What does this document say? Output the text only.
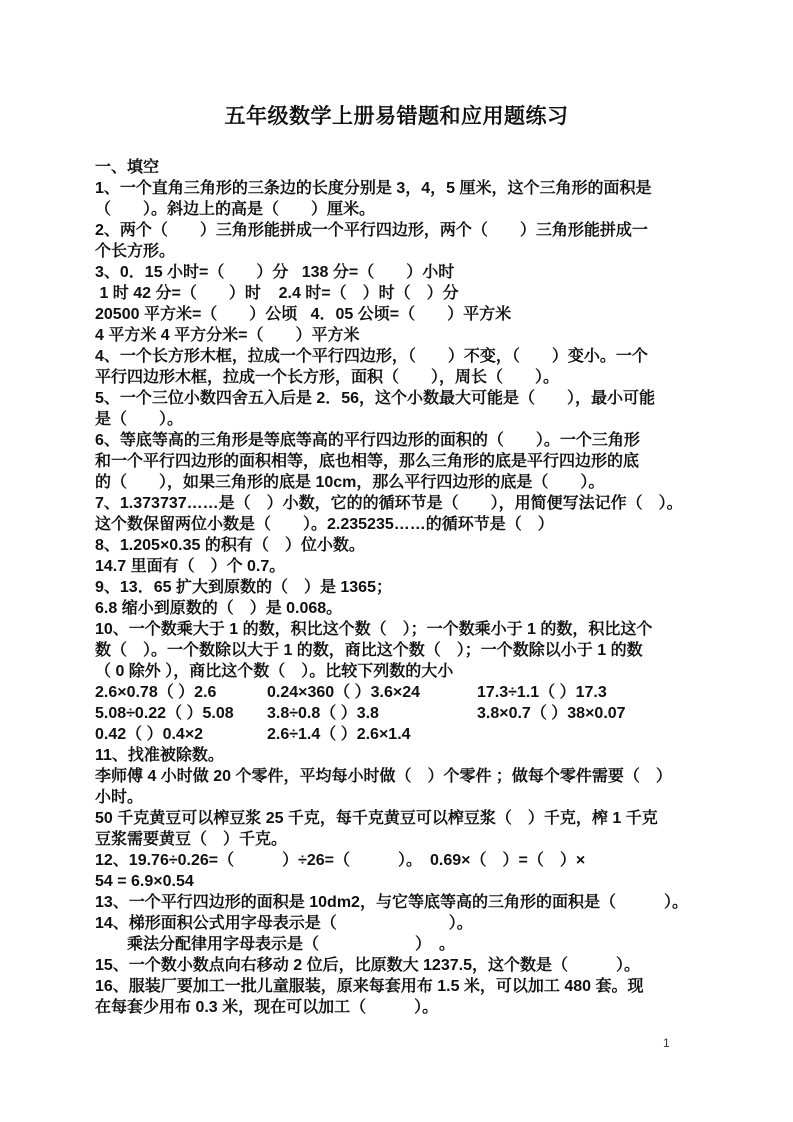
五年级数学上册易错题和应用题练习
一、填空
1、一个直角三角形的三条边的长度分别是 3，4，5 厘米，这个三角形的面积是
（　　）。斜边上的高是（　　）厘米。
2、两个（　　）三角形能拼成一个平行四边形，两个（　　）三角形能拼成一
个长方形。
3、0．15 小时=（　　）分   138 分=（　　）小时
1 时 42 分=（　　）时    2.4 时=（　）时（　）分
20500 平方米=（　　）公顷   4．05 公顷=（　　）平方米
4 平方米 4 平方分米=（　　）平方米
4、一个长方形木框，拉成一个平行四边形，（　　）不变，（　　）变小。一个
平行四边形木框，拉成一个长方形，面积（　　），周长（　　）。
5、一个三位小数四舍五入后是 2．56，这个小数最大可能是（　　），最小可能
是（　　）。
6、等底等高的三角形是等底等高的平行四边形的面积的（　　）。一个三角形
和一个平行四边形的面积相等，底也相等，那么三角形的底是平行四边形的底
的（　　），如果三角形的底是 10cm，那么平行四边形的底是（　　）。
7、1.373737……是（　）小数，它的的循环节是（　　），用简便写法记作（　）。
这个数保留两位小数是（　　）。2.235235……的循环节是（　）
8、1.205×0.35 的积有（　）位小数。
14.7 里面有（　）个 0.7。
9、13．65 扩大到原数的（　）是 1365；
6.8 缩小到原数的（　）是 0.068。
10、一个数乘大于 1 的数，积比这个数（　）；一个数乘小于 1 的数，积比这个
数（　）。一个数除以大于 1 的数，商比这个数（　）；一个数除以小于 1 的数
（ 0 除外 ），商比这个数（　）。比较下列数的大小
2.6×0.78（ ）2.6	0.24×360（ ）3.6×24	17.3÷1.1（ ）17.3
5.08÷0.22（ ）5.08	3.8÷0.8（ ）3.8	3.8×0.7（ ）38×0.07
0.42（ ）0.4×2	2.6÷1.4（ ）2.6×1.4
11、找准被除数。
李师傅 4 小时做 20 个零件，平均每小时做（　）个零件 ；做每个零件需要（　）
小时。
50 千克黄豆可以榨豆浆 25 千克，每千克黄豆可以榨豆浆（　）千克，榨 1 千克
豆浆需要黄豆（　）千克。
12、19.76÷0.26=（　　　）÷26=（　　　）。　0.69×（　）=（　）×
54 = 6.9×0.54
13、一个平行四边形的面积是 10dm2，与它等底等高的三角形的面积是（　　　）。
14、梯形面积公式用字母表示是（　　　　　　　）。
　　乘法分配律用字母表示是（　　　　　　）　。
15、一个数小数点向右移动 2 位后，比原数大 1237.5，这个数是（　　　）。
16、服装厂要加工一批儿童服装，原来每套用布 1.5 米，可以加工 480 套。现
在每套少用布 0.3 米，现在可以加工（　　　）。
1
